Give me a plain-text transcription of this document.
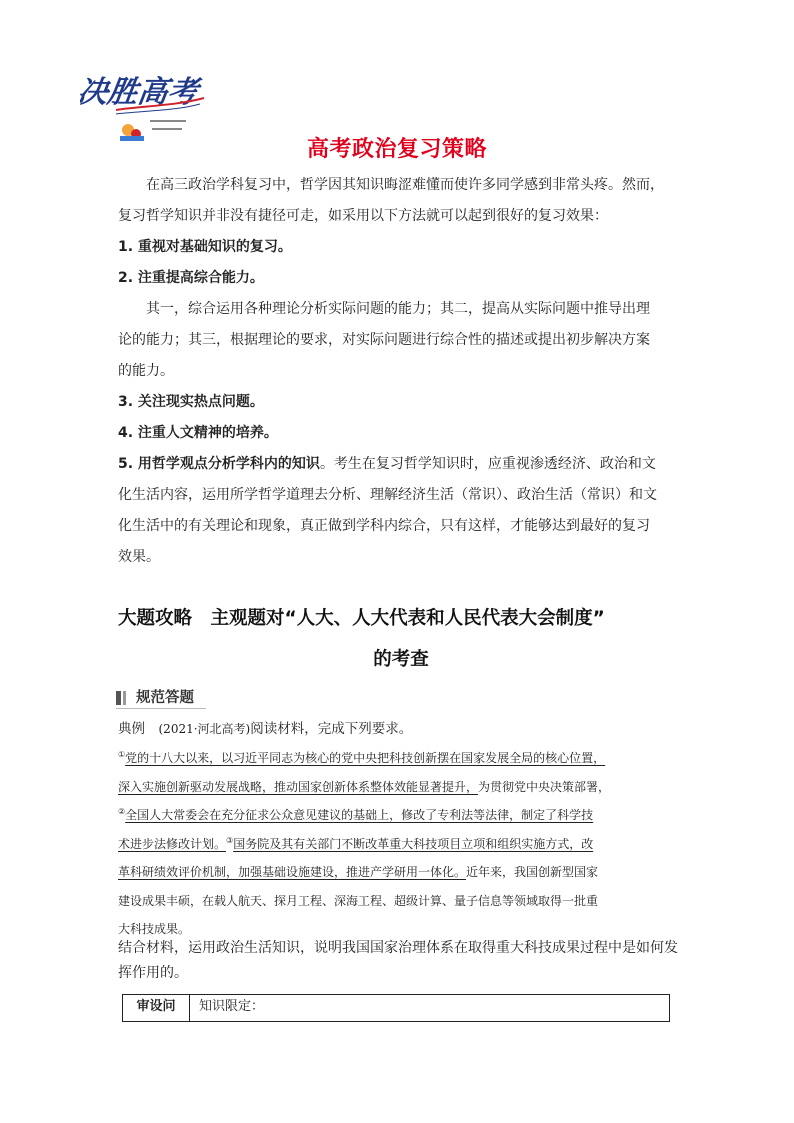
决胜高考
高考政治复习策略

在高三政治学科复习中，哲学因其知识晦涩难懂而使许多同学感到非常头疼。然而，

复习哲学知识并非没有捷径可走，如采用以下方法就可以起到很好的复习效果：

1. 重视对基础知识的复习。

2. 注重提高综合能力。

其一，综合运用各种理论分析实际问题的能力；其二，提高从实际问题中推导出理

论的能力；其三，根据理论的要求，对实际问题进行综合性的描述或提出初步解决方案

的能力。

3. 关注现实热点问题。

4. 注重人文精神的培养。

5. 用哲学观点分析学科内的知识。考生在复习哲学知识时，应重视渗透经济、政治和文

化生活内容，运用所学哲学道理去分析、理解经济生活（常识）、政治生活（常识）和文

化生活中的有关理论和现象，真正做到学科内综合，只有这样，才能够达到最好的复习

效果。

大题攻略　主观题对“人大、人大代表和人民代表大会制度”
的考查
规范答题
典例　(2021·河北高考)阅读材料，完成下列要求。
①党的十八大以来，以习近平同志为核心的党中央把科技创新摆在国家发展全局的核心位置，
深入实施创新驱动发展战略，推动国家创新体系整体效能显著提升，为贯彻党中央决策部署，
②全国人大常委会在充分征求公众意见建议的基础上，修改了专利法等法律，制定了科学技
术进步法修改计划。③国务院及其有关部门不断改革重大科技项目立项和组织实施方式，改
革科研绩效评价机制，加强基础设施建设，推进产学研用一体化。近年来，我国创新型国家
建设成果丰硕，在载人航天、探月工程、深海工程、超级计算、量子信息等领域取得一批重
大科技成果。
结合材料，运用政治生活知识，说明我国国家治理体系在取得重大科技成果过程中是如何发
挥作用的。
审设问	知识限定：
